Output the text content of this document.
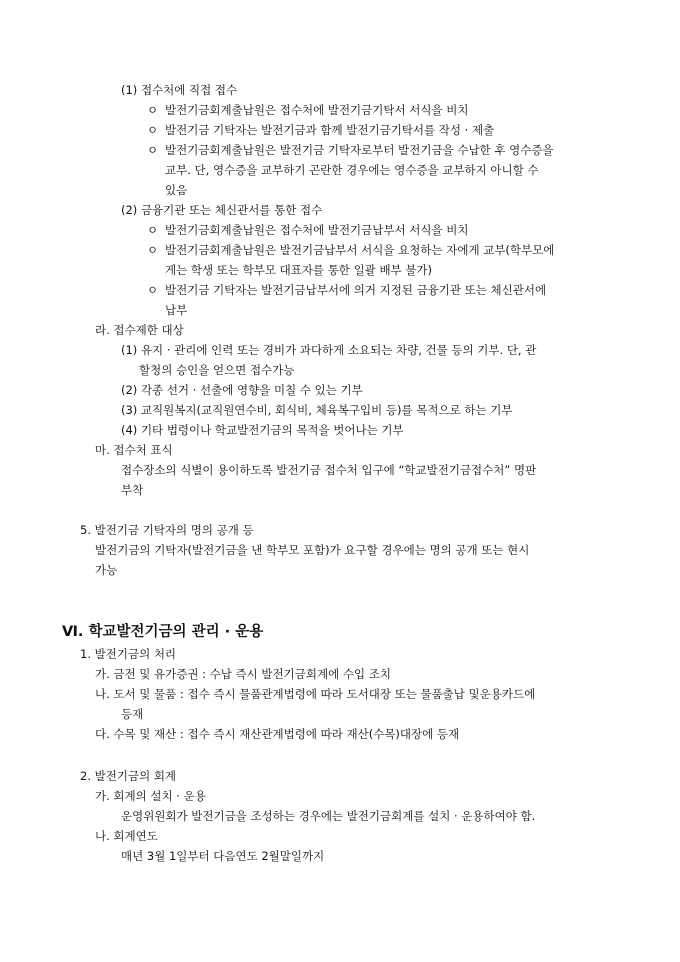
(1) 접수처에 직접 접수
ㅇ 발전기금회계출납원은 접수처에 발전기금기탁서 서식을 비치
ㅇ 발전기금 기탁자는 발전기금과 함께 발전기금기탁서를 작성 · 제출
ㅇ 발전기금회계출납원은 발전기금 기탁자로부터 발전기금을 수납한 후 영수증을
교부. 단, 영수증을 교부하기 곤란한 경우에는 영수증을 교부하지 아니할 수
있음
(2) 금융기관 또는 체신관서를 통한 접수
ㅇ 발전기금회계출납원은 접수처에 발전기금납부서 서식을 비치
ㅇ 발전기금회계출납원은 발전기금납부서 서식을 요청하는 자에게 교부(학부모에
게는 학생 또는 학부모 대표자를 통한 일괄 배부 불가)
ㅇ 발전기금 기탁자는 발전기금납부서에 의거 지정된 금융기관 또는 체신관서에
납부
라. 접수제한 대상
(1) 유지 · 관리에 인력 또는 경비가 과다하게 소요되는 차량, 건물 등의 기부. 단, 관
할청의 승인을 얻으면 접수가능
(2) 각종 선거 · 선출에 영향을 미칠 수 있는 기부
(3) 교직원복지(교직원연수비, 회식비, 체육복구입비 등)를 목적으로 하는 기부
(4) 기타 법령이나 학교발전기금의 목적을 벗어나는 기부
마. 접수처 표식
접수장소의 식별이 용이하도록 발전기금 접수처 입구에 “학교발전기금접수처” 명판
부착
5. 발전기금 기탁자의 명의 공개 등
발전기금의 기탁자(발전기금을 낸 학부모 포함)가 요구할 경우에는 명의 공개 또는 현시
가능
Ⅵ. 학교발전기금의 관리 · 운용
1. 발전기금의 처리
가. 금전 및 유가증권 : 수납 즉시 발전기금회계에 수입 조치
나. 도서 및 물품 : 접수 즉시 물품관계법령에 따라 도서대장 또는 물품출납 및운용카드에
등재
다. 수목 및 재산 : 접수 즉시 재산관계법령에 따라 재산(수목)대장에 등재
2. 발전기금의 회계
가. 회계의 설치 · 운용
운영위원회가 발전기금을 조성하는 경우에는 발전기금회계를 설치 · 운용하여야 함.
나. 회계연도
매년 3월 1일부터 다음연도 2월말일까지
